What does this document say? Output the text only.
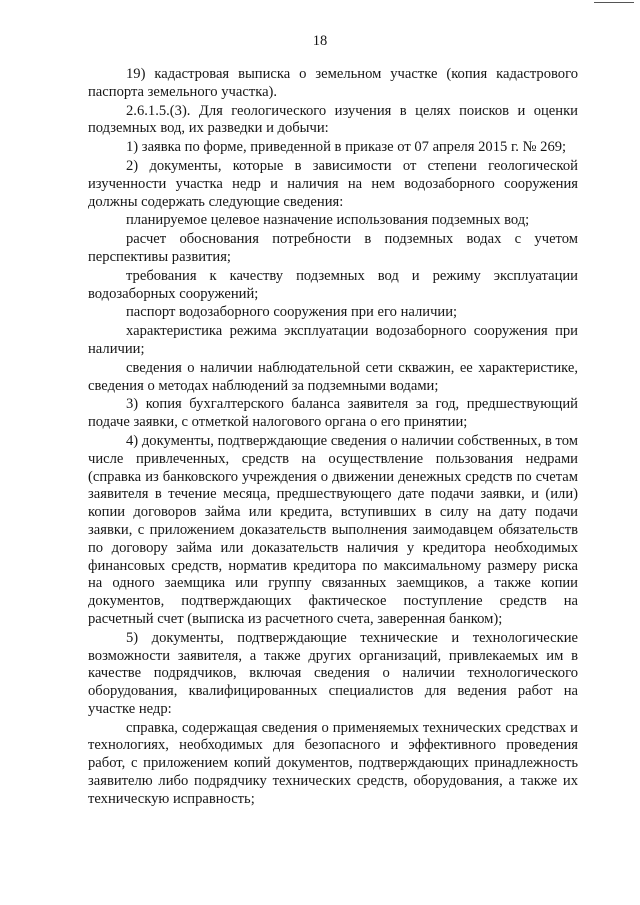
18

19) кадастровая выписка о земельном участке (копия кадастрового паспорта земельного участка).

2.6.1.5.(3). Для геологического изучения в целях поисков и оценки подземных вод, их разведки и добычи:

1) заявка по форме, приведенной в приказе от 07 апреля 2015 г. № 269;

2) документы, которые в зависимости от степени геологической изученности участка недр и наличия на нем водозаборного сооружения должны содержать следующие сведения:

планируемое целевое назначение использования подземных вод;

расчет обоснования потребности в подземных водах с учетом перспективы развития;

требования к качеству подземных вод и режиму эксплуатации водозаборных сооружений;

паспорт водозаборного сооружения при его наличии;

характеристика режима эксплуатации водозаборного сооружения при наличии;

сведения о наличии наблюдательной сети скважин, ее характеристике, сведения о методах наблюдений за подземными водами;

3) копия бухгалтерского баланса заявителя за год, предшествующий подаче заявки, с отметкой налогового органа о его принятии;

4) документы, подтверждающие сведения о наличии собственных, в том числе привлеченных, средств на осуществление пользования недрами (справка из банковского учреждения о движении денежных средств по счетам заявителя в течение месяца, предшествующего дате подачи заявки, и (или) копии договоров займа или кредита, вступивших в силу на дату подачи заявки, с приложением доказательств выполнения заимодавцем обязательств по договору займа или доказательств наличия у кредитора необходимых финансовых средств, норматив кредитора по максимальному размеру риска на одного заемщика или группу связанных заемщиков, а также копии документов, подтверждающих фактическое поступление средств на расчетный счет (выписка из расчетного счета, заверенная банком);

5) документы, подтверждающие технические и технологические возможности заявителя, а также других организаций, привлекаемых им в качестве подрядчиков, включая сведения о наличии технологического оборудования, квалифицированных специалистов для ведения работ на участке недр:

справка, содержащая сведения о применяемых технических средствах и технологиях, необходимых для безопасного и эффективного проведения работ, с приложением копий документов, подтверждающих принадлежность заявителю либо подрядчику технических средств, оборудования, а также их техническую исправность;
